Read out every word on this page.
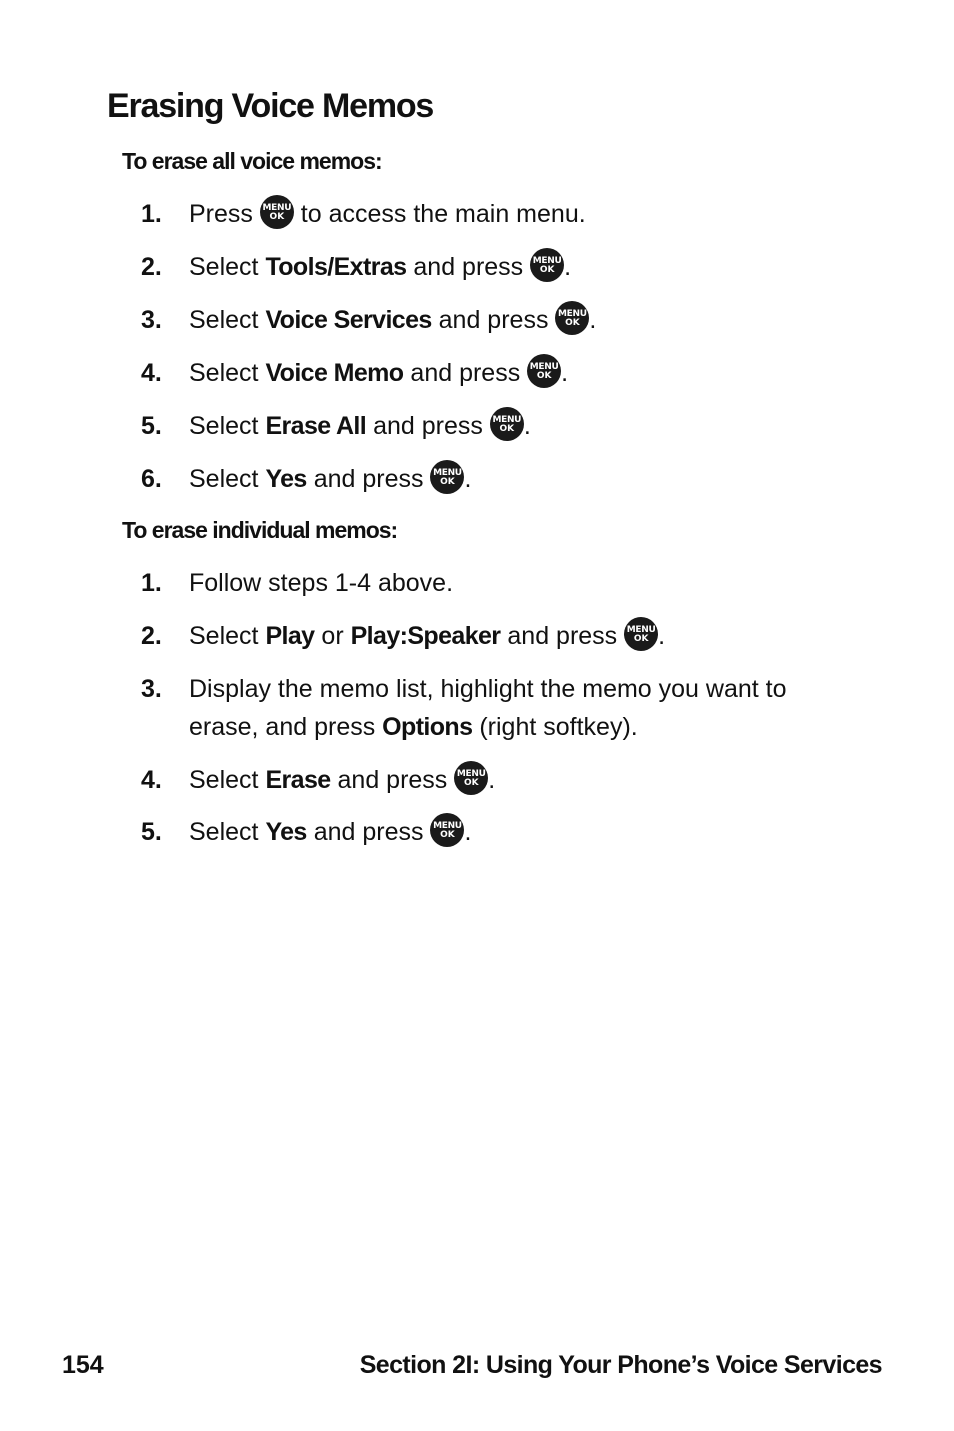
Erasing Voice Memos

To erase all voice memos:

1.	Press MENU
OK to access the main menu.
2.	Select Tools/Extras and press MENU
OK .
3.	Select Voice Services and press MENU
OK .
4.	Select Voice Memo and press MENU
OK .
5.	Select Erase All and press MENU
OK .
6.	Select Yes and press MENU
OK .

To erase individual memos:

1.	Follow steps 1-4 above.
2.	Select Play or Play:Speaker and press MENU
OK .
3.	Display the memo list, highlight the memo you want to
erase, and press Options (right softkey).
4.	Select Erase and press MENU
OK .
5.	Select Yes and press MENU
OK .

154	Section 2I: Using Your Phone’s Voice Services
